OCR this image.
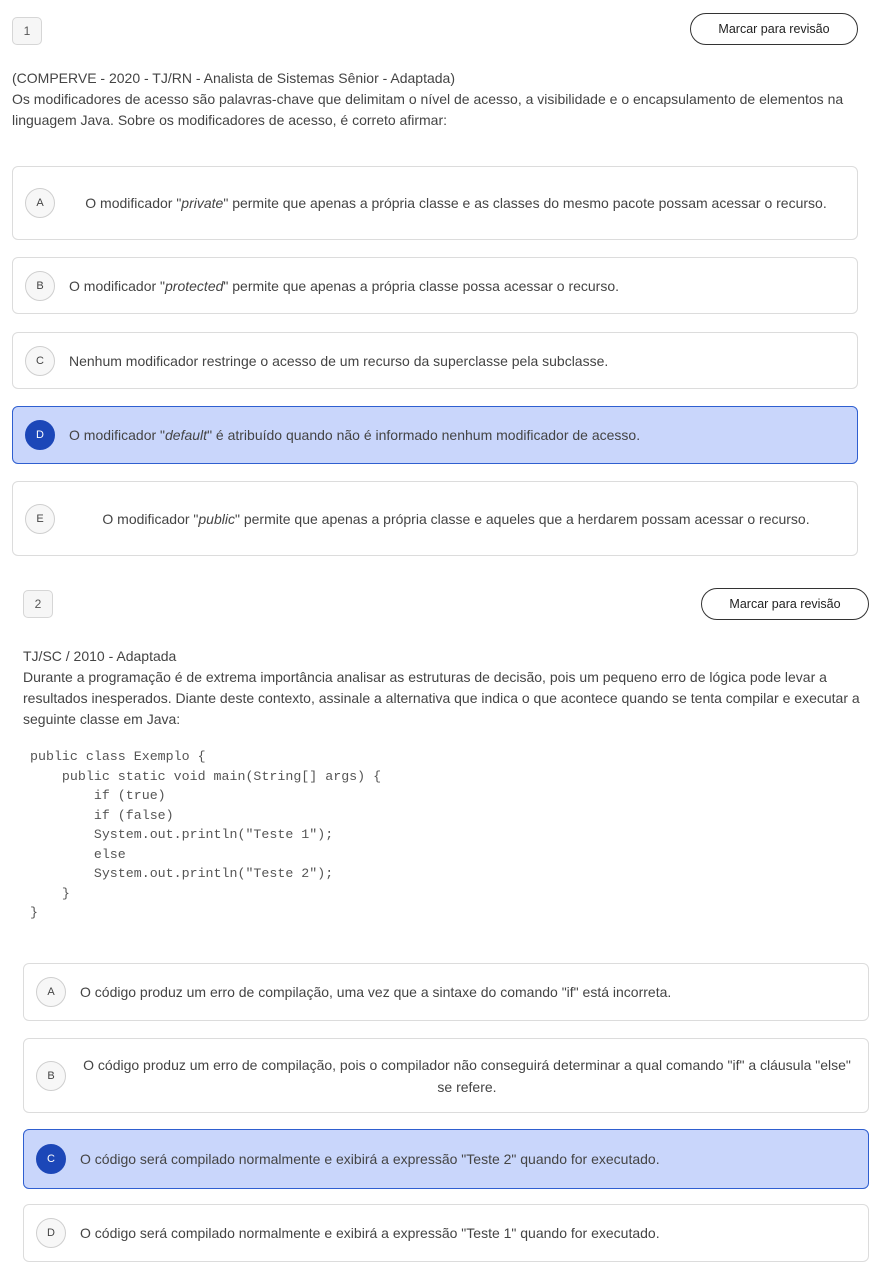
1	Marcar para revisão

(COMPERVE - 2020 - TJ/RN - Analista de Sistemas Sênior - Adaptada)

Os modificadores de acesso são palavras-chave que delimitam o nível de acesso, a visibilidade e o encapsulamento de elementos na linguagem Java. Sobre os modificadores de acesso, é correto afirmar:

A	O modificador "private" permite que apenas a própria classe e as classes do mesmo pacote possam acessar o recurso.
B	O modificador "protected" permite que apenas a própria classe possa acessar o recurso.
C	Nenhum modificador restringe o acesso de um recurso da superclasse pela subclasse.
D	O modificador "default" é atribuído quando não é informado nenhum modificador de acesso.
E	O modificador "public" permite que apenas a própria classe e aqueles que a herdarem possam acessar o recurso.
2	Marcar para revisão

TJ/SC / 2010 - Adaptada

Durante a programação é de extrema importância analisar as estruturas de decisão, pois um pequeno erro de lógica pode levar a resultados inesperados. Diante deste contexto, assinale a alternativa que indica o que acontece quando se tenta compilar e executar a seguinte classe em Java:

public class Exemplo {
public static void main(String[] args) {
if (true)
if (false)
System.out.println("Teste 1");
else
System.out.println("Teste 2");
}
}
A	O código produz um erro de compilação, uma vez que a sintaxe do comando "if" está incorreta.
B
O código produz um erro de compilação, pois o compilador não conseguirá determinar a qual comando "if" a cláusula "else" se refere.
C	O código será compilado normalmente e exibirá a expressão "Teste 2" quando for executado.
D	O código será compilado normalmente e exibirá a expressão "Teste 1" quando for executado.
